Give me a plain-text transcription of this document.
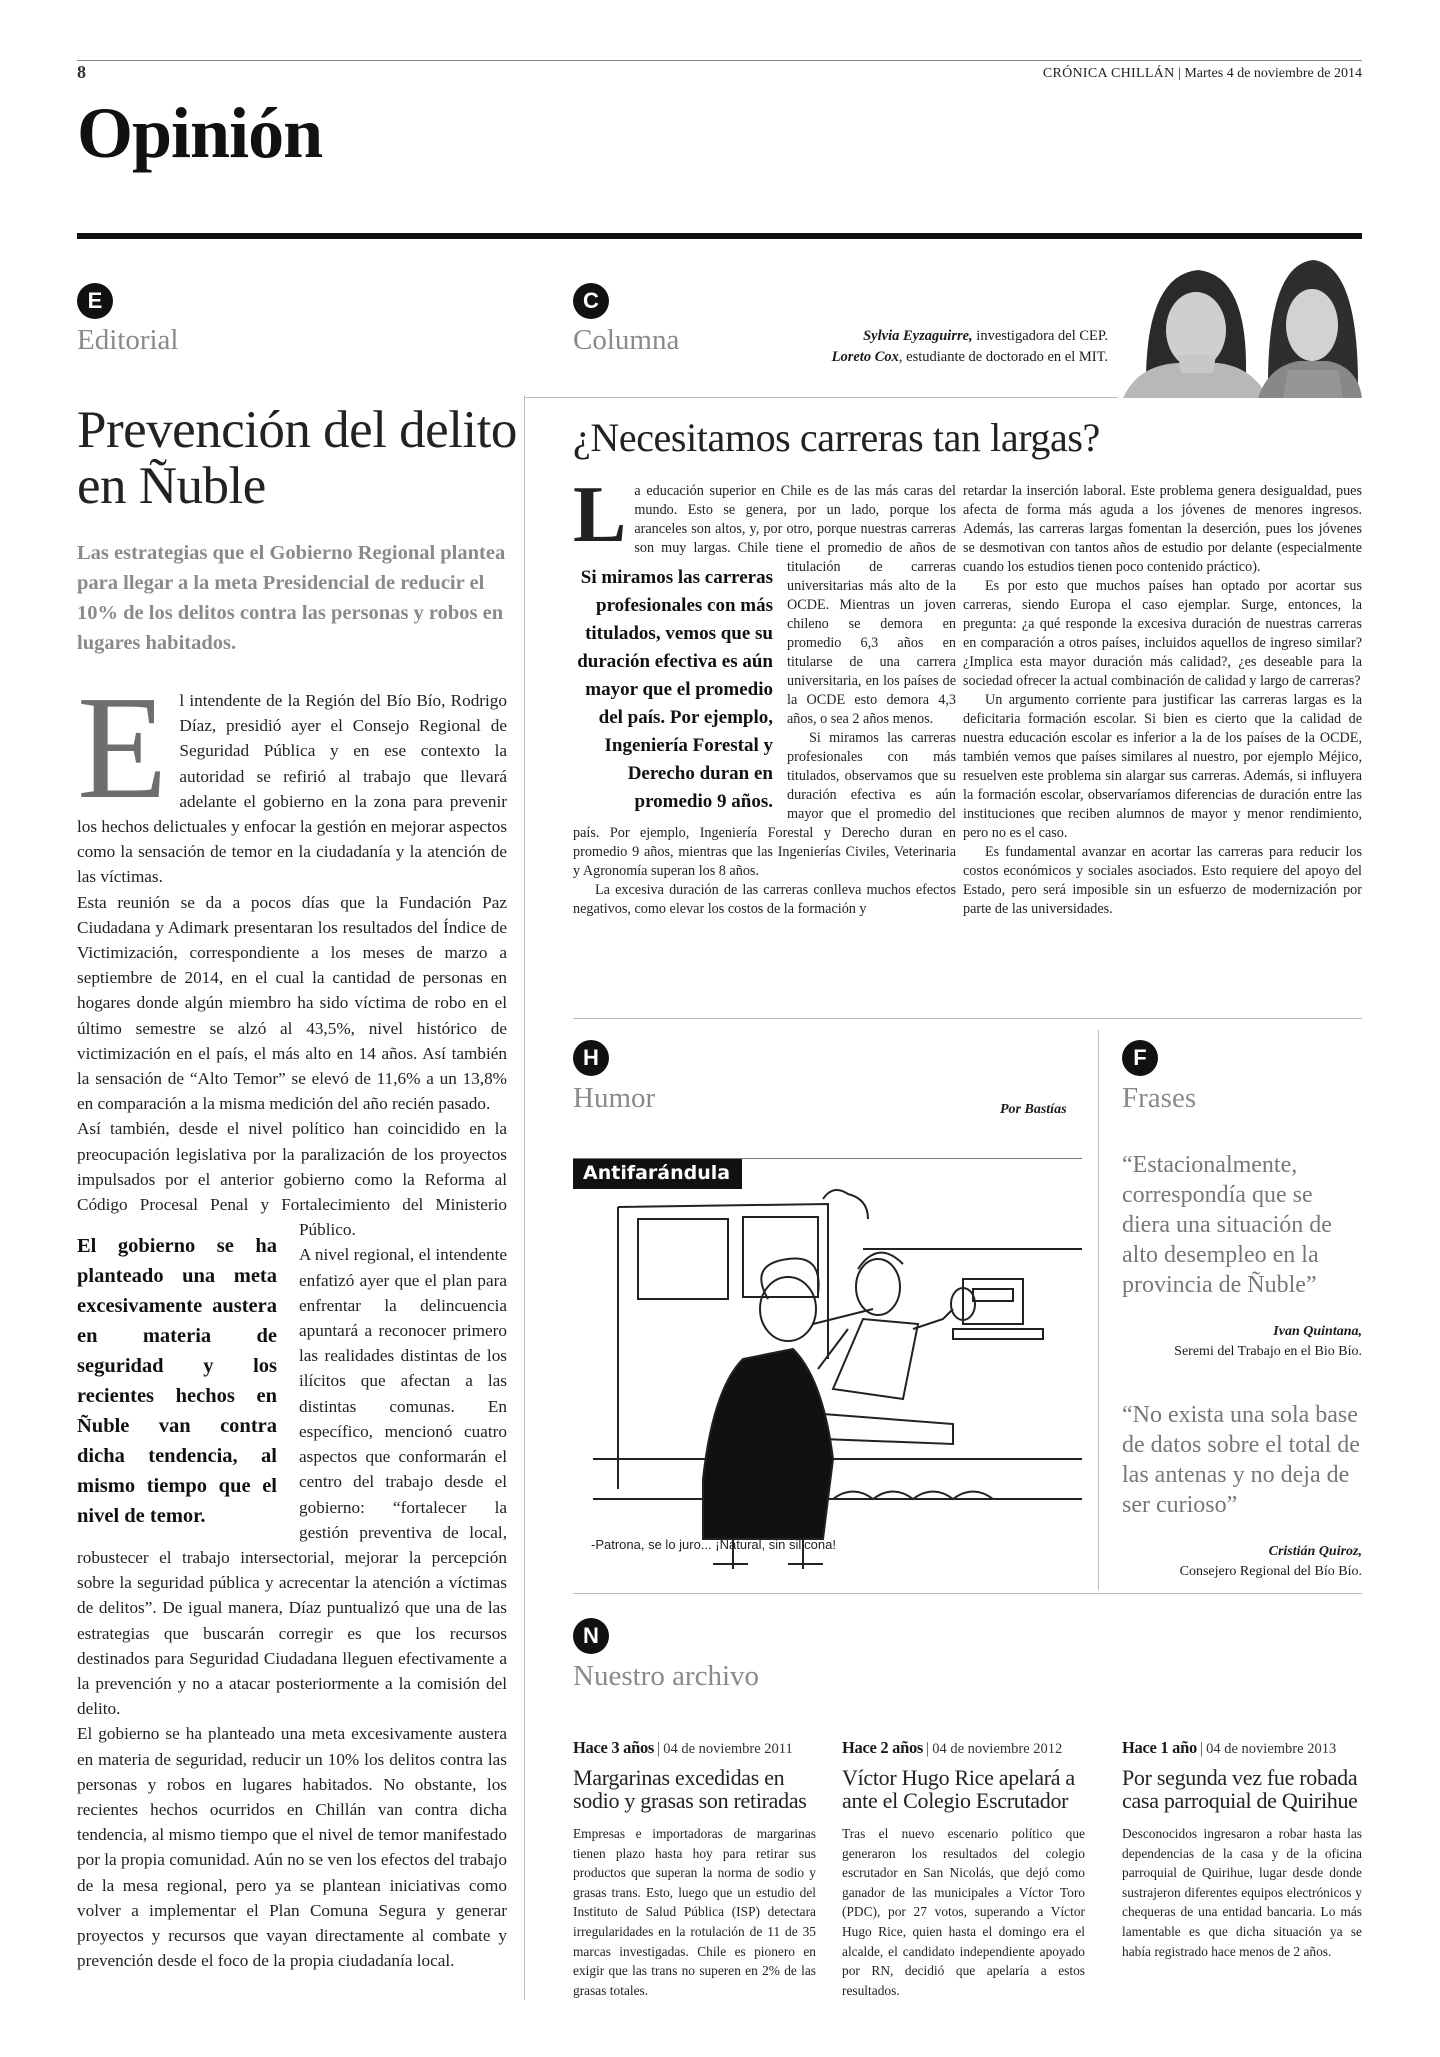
8	CRÓNICA CHILLÁN | Martes 4 de noviembre de 2014
Opinión
E
Editorial
Prevención del delito en Ñuble
Las estrategias que el Gobierno Regional plantea para llegar a la meta Presidencial de reducir el 10% de los delitos contra las personas y robos en lugares habitados.
E l intendente de la Región del Bío Bío, Rodrigo Díaz, presidió ayer el Consejo Regional de Seguridad Pública y en ese contexto la autoridad se refirió al trabajo que llevará adelante el gobierno en la zona para prevenir los hechos delictuales y enfocar la gestión en mejorar aspectos como la sensación de temor en la ciudadanía y la atención de las víctimas.

Esta reunión se da a pocos días que la Fundación Paz Ciudadana y Adimark presentaran los resultados del Índice de Victimización, correspondiente a los meses de marzo a septiembre de 2014, en el cual la cantidad de personas en hogares donde algún miembro ha sido víctima de robo en el último semestre se alzó al 43,5%, nivel histórico de victimización en el país, el más alto en 14 años. Así también la sensación de “Alto Temor” se elevó de 11,6% a un 13,8% en comparación a la misma medición del año recién pasado.

Así también, desde el nivel político han coincidido en la preocupación legislativa por la paralización de los proyectos impulsados por el anterior gobierno como la Reforma al Código Procesal Penal y Fortalecimiento del Ministerio Público.

El gobierno se ha planteado una meta excesivamente austera en materia de seguridad y los recientes hechos en Ñuble van contra dicha tendencia, al mismo tiempo que el nivel de temor.

A nivel regional, el intendente enfatizó ayer que el plan para enfrentar la delincuencia apuntará a reconocer primero las realidades distintas de los ilícitos que afectan a las distintas comunas. En específico, mencionó cuatro aspectos que conformarán el centro del trabajo desde el gobierno: “fortalecer la gestión preventiva de local, robustecer el trabajo intersectorial, mejorar la percepción sobre la seguridad pública y acrecentar la atención a víctimas de delitos”. De igual manera, Díaz puntualizó que una de las estrategias que buscarán corregir es que los recursos destinados para Seguridad Ciudadana lleguen efectivamente a la prevención y no a atacar posteriormente a la comisión del delito.

El gobierno se ha planteado una meta excesivamente austera en materia de seguridad, reducir un 10% los delitos contra las personas y robos en lugares habitados. No obstante, los recientes hechos ocurridos en Chillán van contra dicha tendencia, al mismo tiempo que el nivel de temor manifestado por la propia comunidad. Aún no se ven los efectos del trabajo de la mesa regional, pero ya se plantean iniciativas como volver a implementar el Plan Comuna Segura y generar proyectos y recursos que vayan directamente al combate y prevención desde el foco de la propia ciudadanía local.

C
Columna	Sylvia Eyzaguirre, investigadora del CEP.
Loreto Cox, estudiante de doctorado en el MIT.
¿Necesitamos carreras tan largas?
L
Si miramos las carreras profesionales con más titulados, vemos que su duración efectiva es aún mayor que el promedio del país. Por ejemplo, Ingeniería Forestal y Derecho duran en promedio 9 años.

a educación superior en Chile es de las más caras del mundo. Esto se genera, por un lado, porque los aranceles son altos, y, por otro, porque nuestras carreras son muy largas. Chile tiene el promedio de años de titulación de carreras universitarias más alto de la OCDE. Mientras un joven chileno se demora en promedio 6,3 años en titularse de una carrera universitaria, en los países de la OCDE esto demora 4,3 años, o sea 2 años menos.

Si miramos las carreras profesionales con más titulados, observamos que su duración efectiva es aún mayor que el promedio del país. Por ejemplo, Ingeniería Forestal y Derecho duran en promedio 9 años, mientras que las Ingenierías Civiles, Veterinaria y Agronomía superan los 8 años.

La excesiva duración de las carreras conlleva muchos efectos negativos, como elevar los costos de la formación y

retardar la inserción laboral. Este problema genera desigualdad, pues afecta de forma más aguda a los jóvenes de menores ingresos. Además, las carreras largas fomentan la deserción, pues los jóvenes se desmotivan con tantos años de estudio por delante (especialmente cuando los estudios tienen poco contenido práctico).

Es por esto que muchos países han optado por acortar sus carreras, siendo Europa el caso ejemplar. Surge, entonces, la pregunta: ¿a qué responde la excesiva duración de nuestras carreras en comparación a otros países, incluidos aquellos de ingreso similar? ¿Implica esta mayor duración más calidad?, ¿es deseable para la sociedad ofrecer la actual combinación de calidad y largo de carreras?

Un argumento corriente para justificar las carreras largas es la deficitaria formación escolar. Si bien es cierto que la calidad de nuestra educación escolar es inferior a la de los países de la OCDE, también vemos que países similares al nuestro, por ejemplo Méjico, resuelven este problema sin alargar sus carreras. Además, si influyera la formación escolar, observaríamos diferencias de duración entre las instituciones que reciben alumnos de mayor y menor rendimiento, pero no es el caso.

Es fundamental avanzar en acortar las carreras para reducir los costos económicos y sociales asociados. Esto requiere del apoyo del Estado, pero será imposible sin un esfuerzo de modernización por parte de las universidades.

H
Humor	Por Bastías
Antifarándula
-Patrona, se lo juro... ¡Natural, sin silicona!
F
Frases
“Estacionalmente, correspondía que se diera una situación de alto desempleo en la provincia de Ñuble”
Ivan Quintana,
Seremi del Trabajo en el Bio Bío.
“No exista una sola base de datos sobre el total de las antenas y no deja de ser curioso”
Cristián Quiroz,
Consejero Regional del Bío Bío.
N
Nuestro archivo
Hace 3 años | 04 de noviembre 2011
Margarinas excedidas en sodio y grasas son retiradas
Empresas e importadoras de margarinas tienen plazo hasta hoy para retirar sus productos que superan la norma de sodio y grasas trans. Esto, luego que un estudio del Instituto de Salud Pública (ISP) detectara irregularidades en la rotulación de 11 de 35 marcas investigadas. Chile es pionero en exigir que las trans no superen en 2% de las grasas totales.
Hace 2 años | 04 de noviembre 2012
Víctor Hugo Rice apelará a ante el Colegio Escrutador
Tras el nuevo escenario político que generaron los resultados del colegio escrutador en San Nicolás, que dejó como ganador de las municipales a Víctor Toro (PDC), por 27 votos, superando a Víctor Hugo Rice, quien hasta el domingo era el alcalde, el candidato independiente apoyado por RN, decidió que apelaría a estos resultados.
Hace 1 año | 04 de noviembre 2013
Por segunda vez fue robada casa parroquial de Quirihue
Desconocidos ingresaron a robar hasta las dependencias de la casa y de la oficina parroquial de Quirihue, lugar desde donde sustrajeron diferentes equipos electrónicos y chequeras de una entidad bancaria. Lo más lamentable es que dicha situación ya se había registrado hace menos de 2 años.
